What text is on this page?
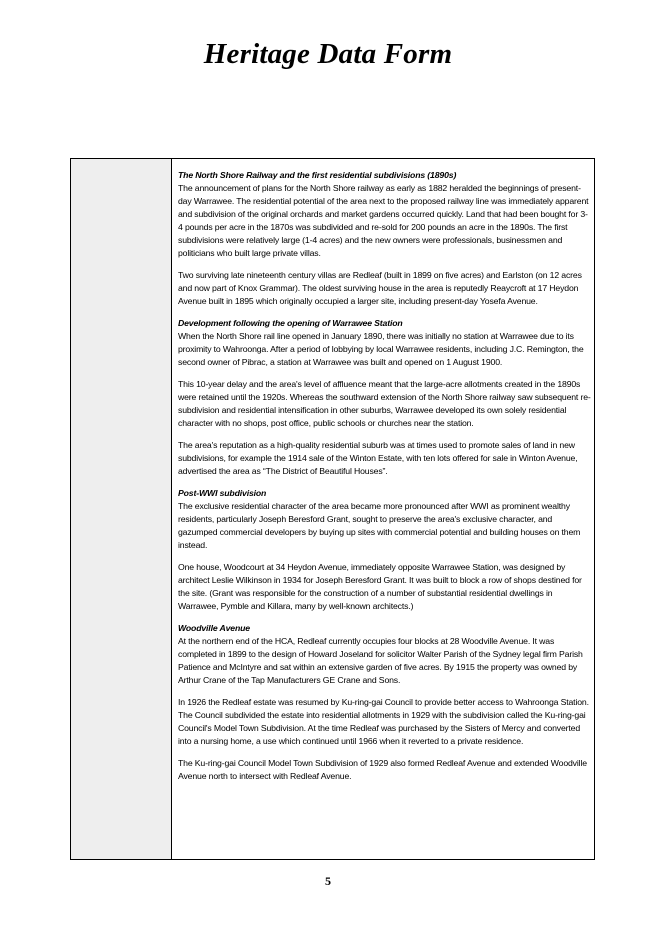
Heritage Data Form
The North Shore Railway and the first residential subdivisions (1890s)

The announcement of plans for the North Shore railway as early as 1882 heralded the beginnings of present-day Warrawee. The residential potential of the area next to the proposed railway line was immediately apparent and subdivision of the original orchards and market gardens occurred quickly. Land that had been bought for 3-4 pounds per acre in the 1870s was subdivided and re-sold for 200 pounds an acre in the 1890s. The first subdivisions were relatively large (1-4 acres) and the new owners were professionals, businessmen and politicians who built large private villas.

Two surviving late nineteenth century villas are Redleaf (built in 1899 on five acres) and Earlston (on 12 acres and now part of Knox Grammar). The oldest surviving house in the area is reputedly Reaycroft at 17 Heydon Avenue built in 1895 which originally occupied a larger site, including present-day Yosefa Avenue.

Development following the opening of Warrawee Station

When the North Shore rail line opened in January 1890, there was initially no station at Warrawee due to its proximity to Wahroonga. After a period of lobbying by local Warrawee residents, including J.C. Remington, the second owner of Pibrac, a station at Warrawee was built and opened on 1 August 1900.

This 10-year delay and the area's level of affluence meant that the large-acre allotments created in the 1890s were retained until the 1920s. Whereas the southward extension of the North Shore railway saw subsequent re-subdivision and residential intensification in other suburbs, Warrawee developed its own solely residential character with no shops, post office, public schools or churches near the station.

The area's reputation as a high-quality residential suburb was at times used to promote sales of land in new subdivisions, for example the 1914 sale of the Winton Estate, with ten lots offered for sale in Winton Avenue, advertised the area as “The District of Beautiful Houses”.

Post-WWI subdivision

The exclusive residential character of the area became more pronounced after WWI as prominent wealthy residents, particularly Joseph Beresford Grant, sought to preserve the area's exclusive character, and gazumped commercial developers by buying up sites with commercial potential and building houses on them instead.

One house, Woodcourt at 34 Heydon Avenue, immediately opposite Warrawee Station, was designed by architect Leslie Wilkinson in 1934 for Joseph Beresford Grant. It was built to block a row of shops destined for the site. (Grant was responsible for the construction of a number of substantial residential dwellings in Warrawee, Pymble and Killara, many by well-known architects.)

Woodville Avenue

At the northern end of the HCA, Redleaf currently occupies four blocks at 28 Woodville Avenue. It was completed in 1899 to the design of Howard Joseland for solicitor Walter Parish of the Sydney legal firm Parish Patience and McIntyre and sat within an extensive garden of five acres. By 1915 the property was owned by Arthur Crane of the Tap Manufacturers GE Crane and Sons.

In 1926 the Redleaf estate was resumed by Ku-ring-gai Council to provide better access to Wahroonga Station. The Council subdivided the estate into residential allotments in 1929 with the subdivision called the Ku-ring-gai Council's Model Town Subdivision. At the time Redleaf was purchased by the Sisters of Mercy and converted into a nursing home, a use which continued until 1966 when it reverted to a private residence.

The Ku-ring-gai Council Model Town Subdivision of 1929 also formed Redleaf Avenue and extended Woodville Avenue north to intersect with Redleaf Avenue.

5
